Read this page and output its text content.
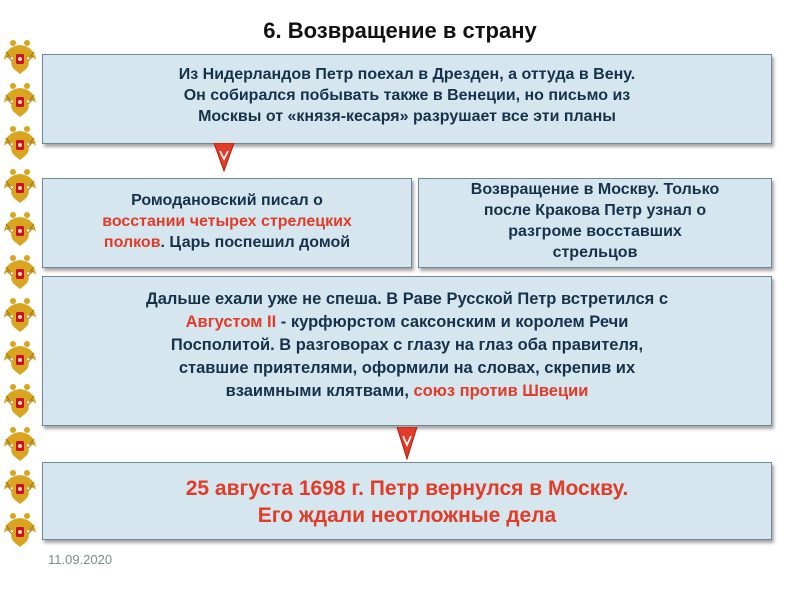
6. Возвращение в страну

Из Нидерландов Петр поехал в Дрезден, а оттуда в Вену.

Он собирался побывать также в Венеции, но письмо из

Москвы от «князя-кесаря» разрушает все эти планы

Ромодановский писал о

восстании четырех стрелецких

полков. Царь поспешил домой

Возвращение в Москву. Только

после Кракова Петр узнал о

разгроме восставших

стрельцов

Дальше ехали уже не спеша. В Раве Русской Петр встретился с

Августом II - курфюрстом саксонским и королем Речи

Посполитой. В разговорах с глазу на глаз оба правителя,

ставшие приятелями, оформили на словах, скрепив их

взаимными клятвами, союз против Швеции

25 августа 1698 г. Петр вернулся в Москву.

Его ждали неотложные дела

11.09.2020
